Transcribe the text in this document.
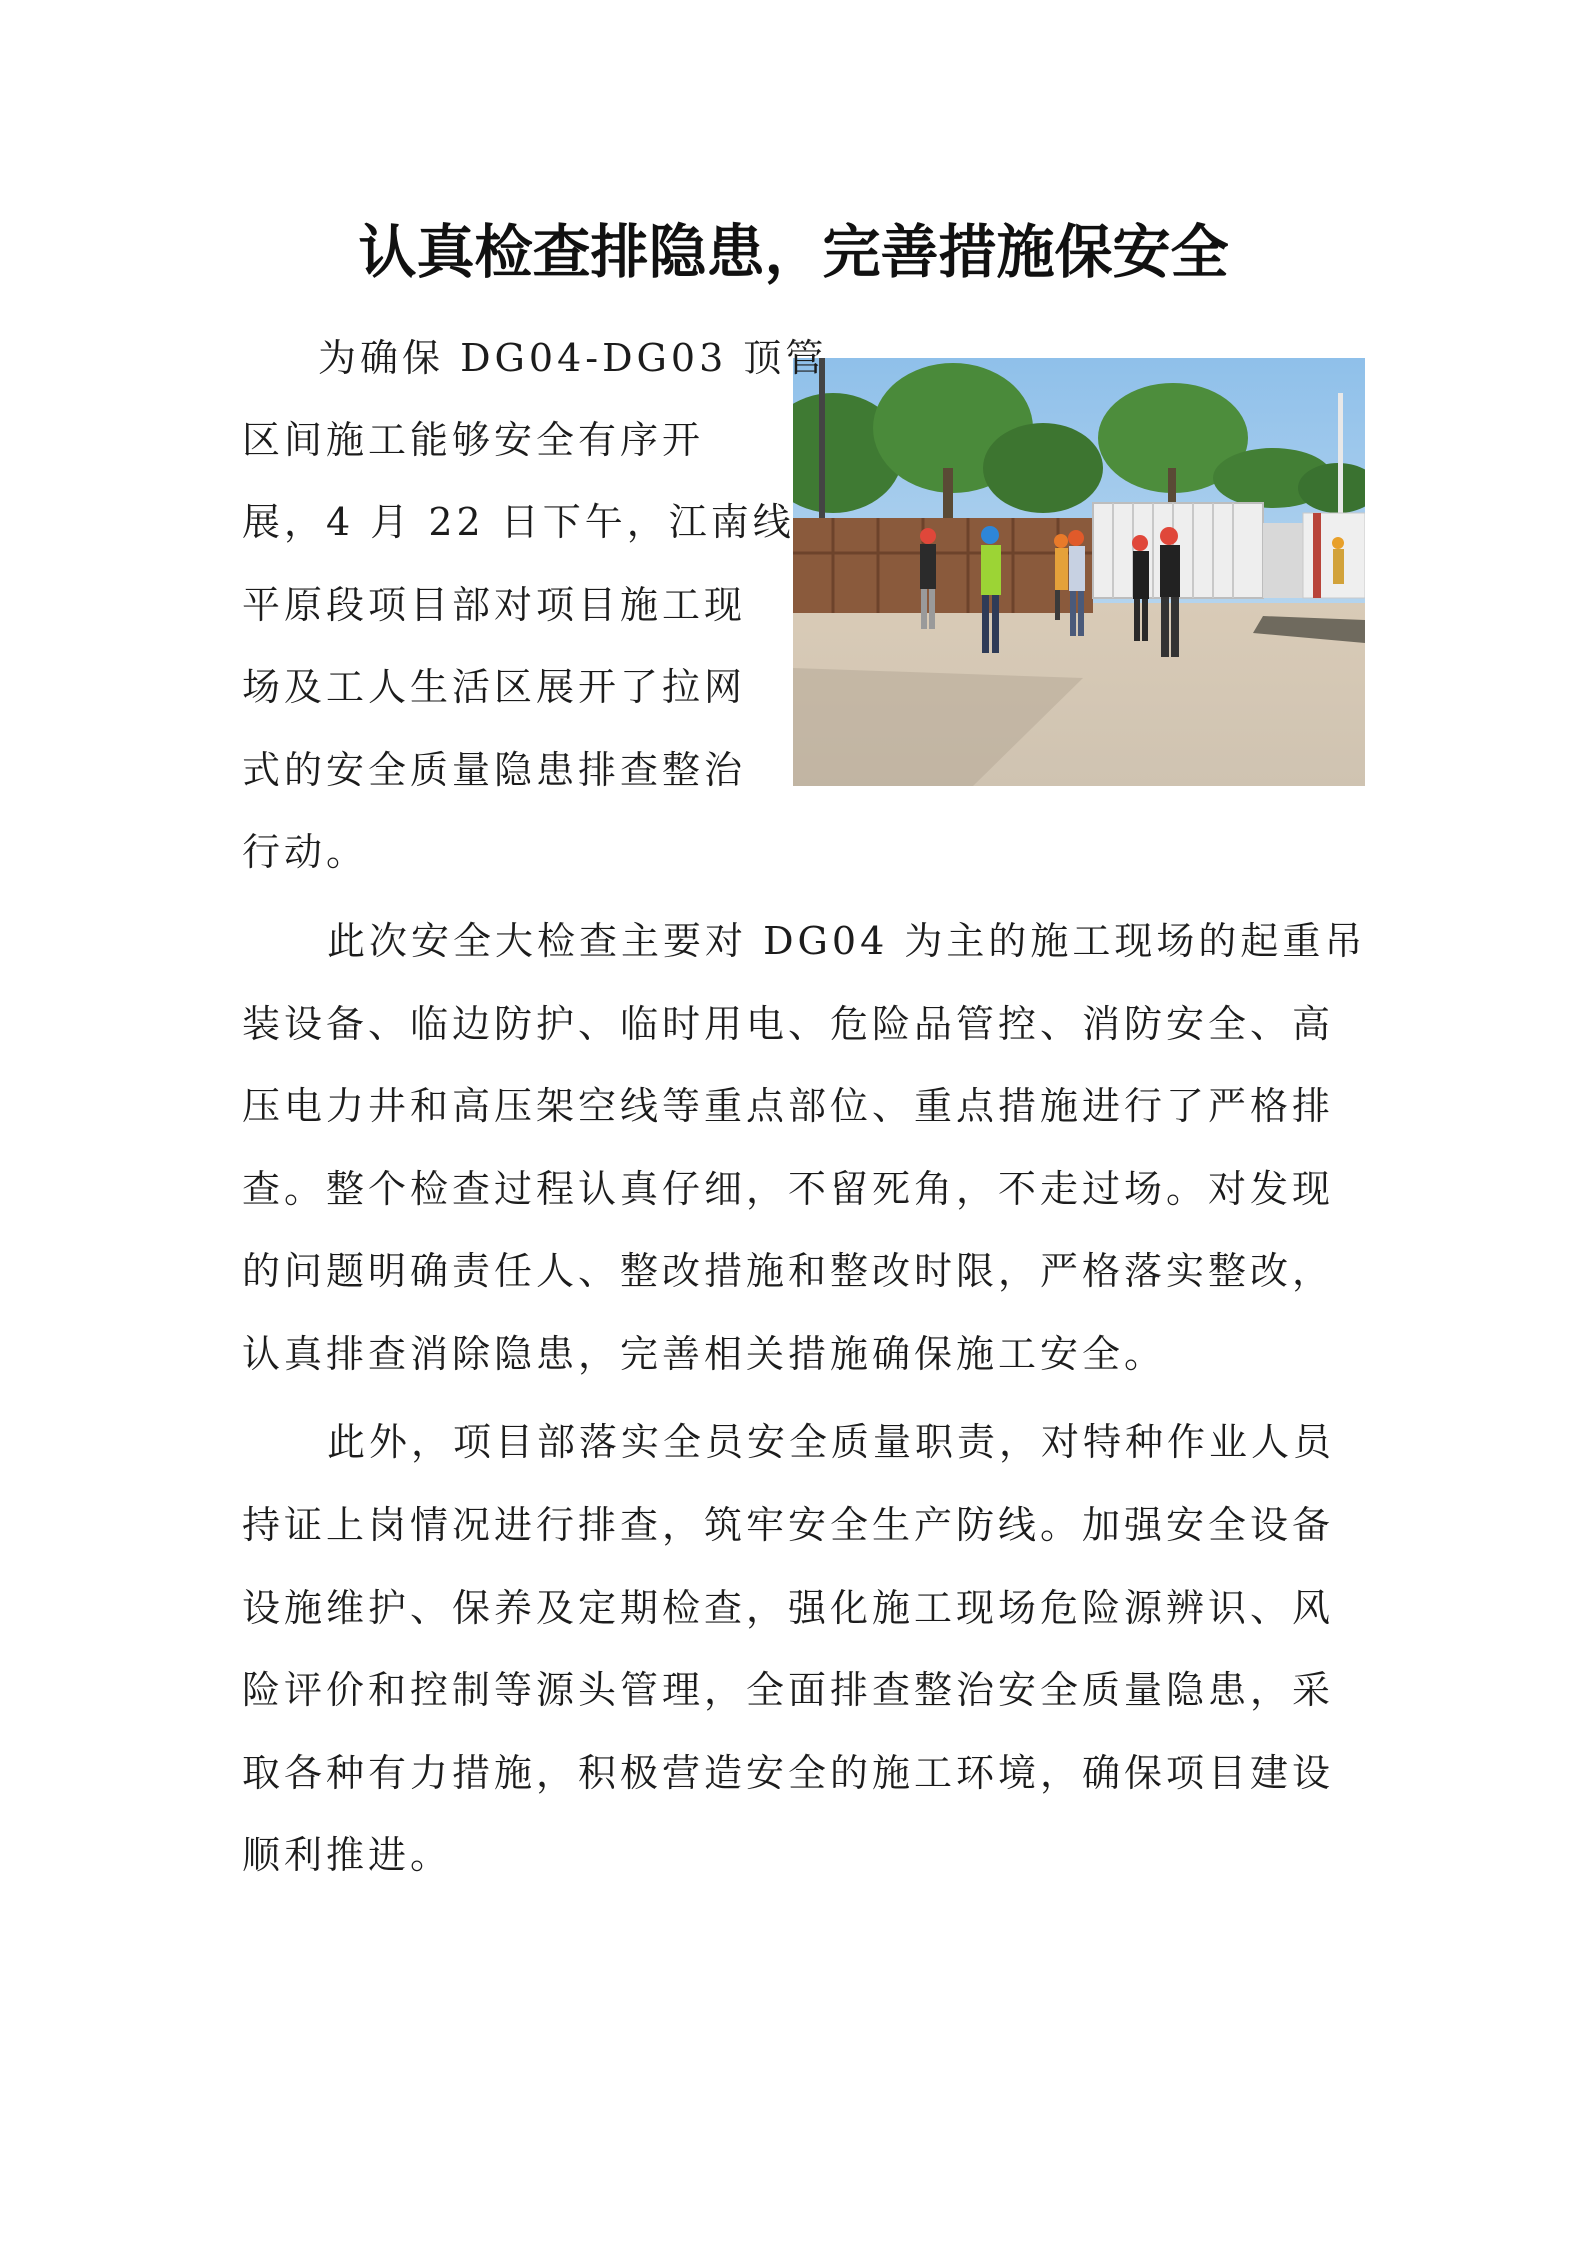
认真检查排隐患，完善措施保安全
为确保 DG04-DG03 顶管
区间施工能够安全有序开
展，4 月 22 日下午，江南线
平原段项目部对项目施工现
场及工人生活区展开了拉网
式的安全质量隐患排查整治
行动。
此次安全大检查主要对 DG04 为主的施工现场的起重吊
装设备、临边防护、临时用电、危险品管控、消防安全、高
压电力井和高压架空线等重点部位、重点措施进行了严格排
查。整个检查过程认真仔细，不留死角，不走过场。对发现
的问题明确责任人、整改措施和整改时限，严格落实整改，
认真排查消除隐患，完善相关措施确保施工安全。
此外，项目部落实全员安全质量职责，对特种作业人员
持证上岗情况进行排查，筑牢安全生产防线。加强安全设备
设施维护、保养及定期检查，强化施工现场危险源辨识、风
险评价和控制等源头管理，全面排查整治安全质量隐患，采
取各种有力措施，积极营造安全的施工环境，确保项目建设
顺利推进。
